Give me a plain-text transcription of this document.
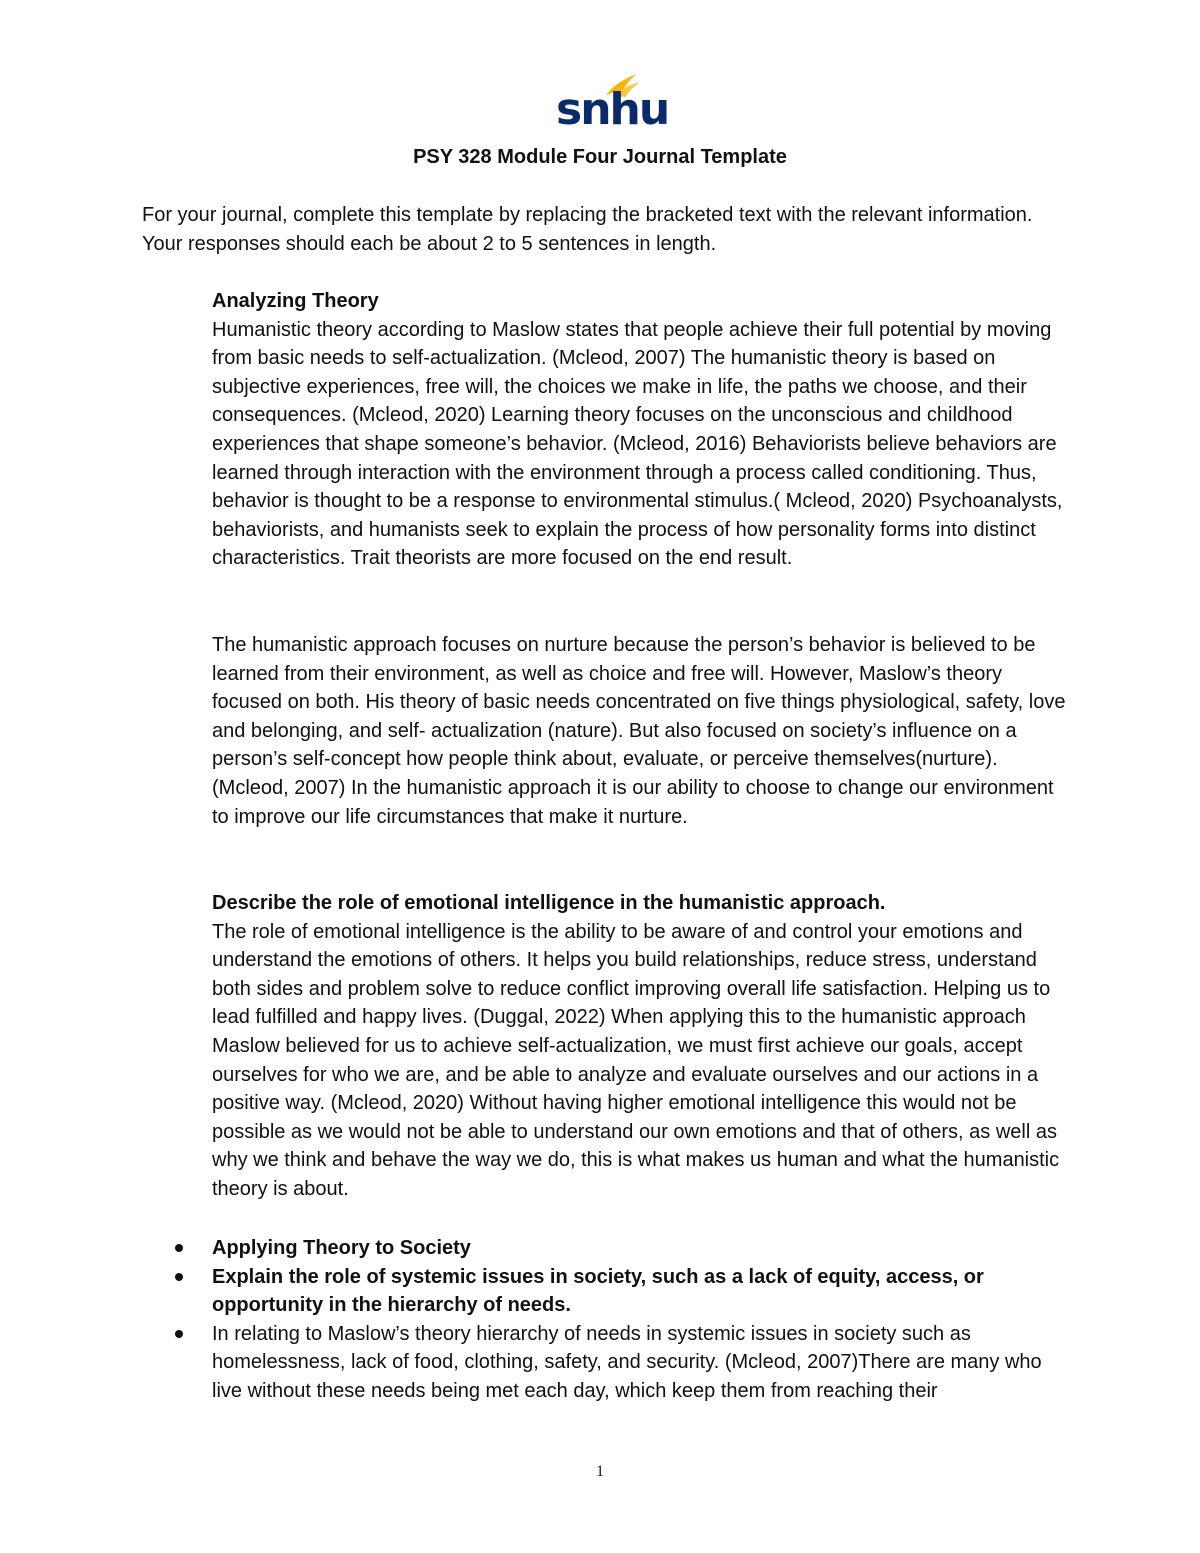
snhu
PSY 328 Module Four Journal Template

For your journal, complete this template by replacing the bracketed text with the relevant information. Your responses should each be about 2 to 5 sentences in length.

Analyzing Theory
Humanistic theory according to Maslow states that people achieve their full potential by moving from basic needs to self-actualization. (Mcleod, 2007) The humanistic theory is based on subjective experiences, free will, the choices we make in life, the paths we choose, and their consequences. (Mcleod, 2020) Learning theory focuses on the unconscious and childhood experiences that shape someone’s behavior. (Mcleod, 2016) Behaviorists believe behaviors are learned through interaction with the environment through a process called conditioning. Thus, behavior is thought to be a response to environmental stimulus.( Mcleod, 2020) Psychoanalysts, behaviorists, and humanists seek to explain the process of how personality forms into distinct characteristics. Trait theorists are more focused on the end result.
The humanistic approach focuses on nurture because the person’s behavior is believed to be learned from their environment, as well as choice and free will. However, Maslow’s theory focused on both. His theory of basic needs concentrated on five things physiological, safety, love and belonging, and self- actualization (nature). But also focused on society’s influence on a person’s self-concept how people think about, evaluate, or perceive themselves(nurture). (Mcleod, 2007) In the humanistic approach it is our ability to choose to change our environment to improve our life circumstances that make it nurture.
Describe the role of emotional intelligence in the humanistic approach.
The role of emotional intelligence is the ability to be aware of and control your emotions and understand the emotions of others. It helps you build relationships, reduce stress, understand both sides and problem solve to reduce conflict improving overall life satisfaction. Helping us to lead fulfilled and happy lives. (Duggal, 2022) When applying this to the humanistic approach Maslow believed for us to achieve self-actualization, we must first achieve our goals, accept ourselves for who we are, and be able to analyze and evaluate ourselves and our actions in a positive way. (Mcleod, 2020) Without having higher emotional intelligence this would not be possible as we would not be able to understand our own emotions and that of others, as well as why we think and behave the way we do, this is what makes us human and what the humanistic theory is about.
Applying Theory to Society
Explain the role of systemic issues in society, such as a lack of equity, access, or opportunity in the hierarchy of needs.
In relating to Maslow’s theory hierarchy of needs in systemic issues in society such as homelessness, lack of food, clothing, safety, and security. (Mcleod, 2007)There are many who live without these needs being met each day, which keep them from reaching their
1
